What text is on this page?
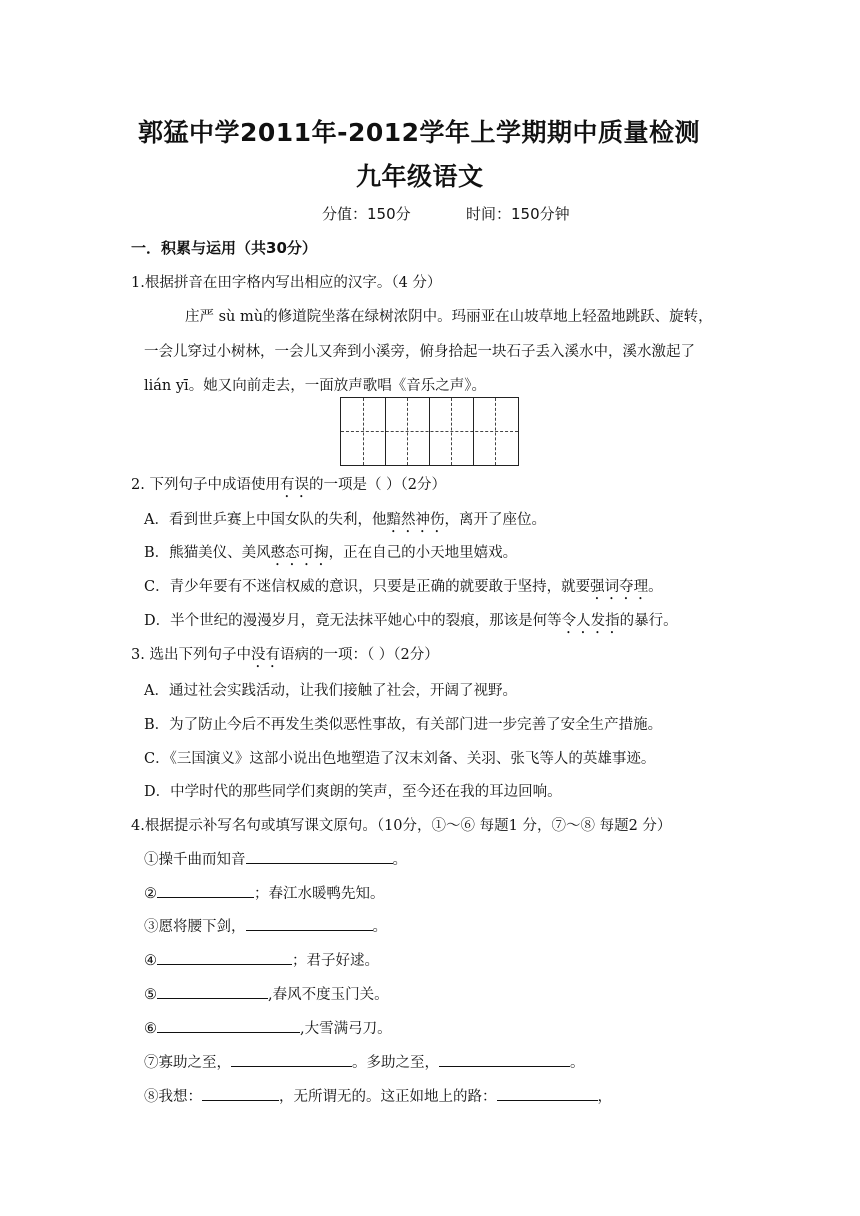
郭猛中学2011年-2012学年上学期期中质量检测
九年级语文
分值：150分	时间：150分钟
一．积累与运用（共30分）
1.根据拼音在田字格内写出相应的汉字。（4 分）
庄严 sù mù的修道院坐落在绿树浓阴中。玛丽亚在山坡草地上轻盈地跳跃、旋转，
一会儿穿过小树林，一会儿又奔到小溪旁，俯身拾起一块石子丢入溪水中，溪水激起了
lián yī。她又向前走去，一面放声歌唱《音乐之声》。
2. 下列句子中成语使用有误的一项是（ ）（2分）
A．看到世乒赛上中国女队的失利，他黯然神伤，离开了座位。
B．熊猫美仪、美风憨态可掬，正在自己的小天地里嬉戏。
C．青少年要有不迷信权威的意识，只要是正确的就要敢于坚持，就要强词夺理。
D．半个世纪的漫漫岁月，竟无法抹平她心中的裂痕，那该是何等令人发指的暴行。
3. 选出下列句子中没有语病的一项：（ ）（2分）
A．通过社会实践活动，让我们接触了社会，开阔了视野。
B．为了防止今后不再发生类似恶性事故，有关部门进一步完善了安全生产措施。
C．《三国演义》这部小说出色地塑造了汉末刘备、关羽、张飞等人的英雄事迹。
D．中学时代的那些同学们爽朗的笑声，至今还在我的耳边回响。
4.根据提示补写名句或填写课文原句。（10分，①～⑥ 每题1 分，⑦～⑧ 每题2 分）
①操千曲而知音	。
②	；春江水暖鸭先知。
③愿将腰下剑，	。
④	；君子好逑。
⑤	,春风不度玉门关。
⑥	,大雪满弓刀。
⑦寡助之至，	。多助之至，	。
⑧我想：	，无所谓无的。这正如地上的路：	，
